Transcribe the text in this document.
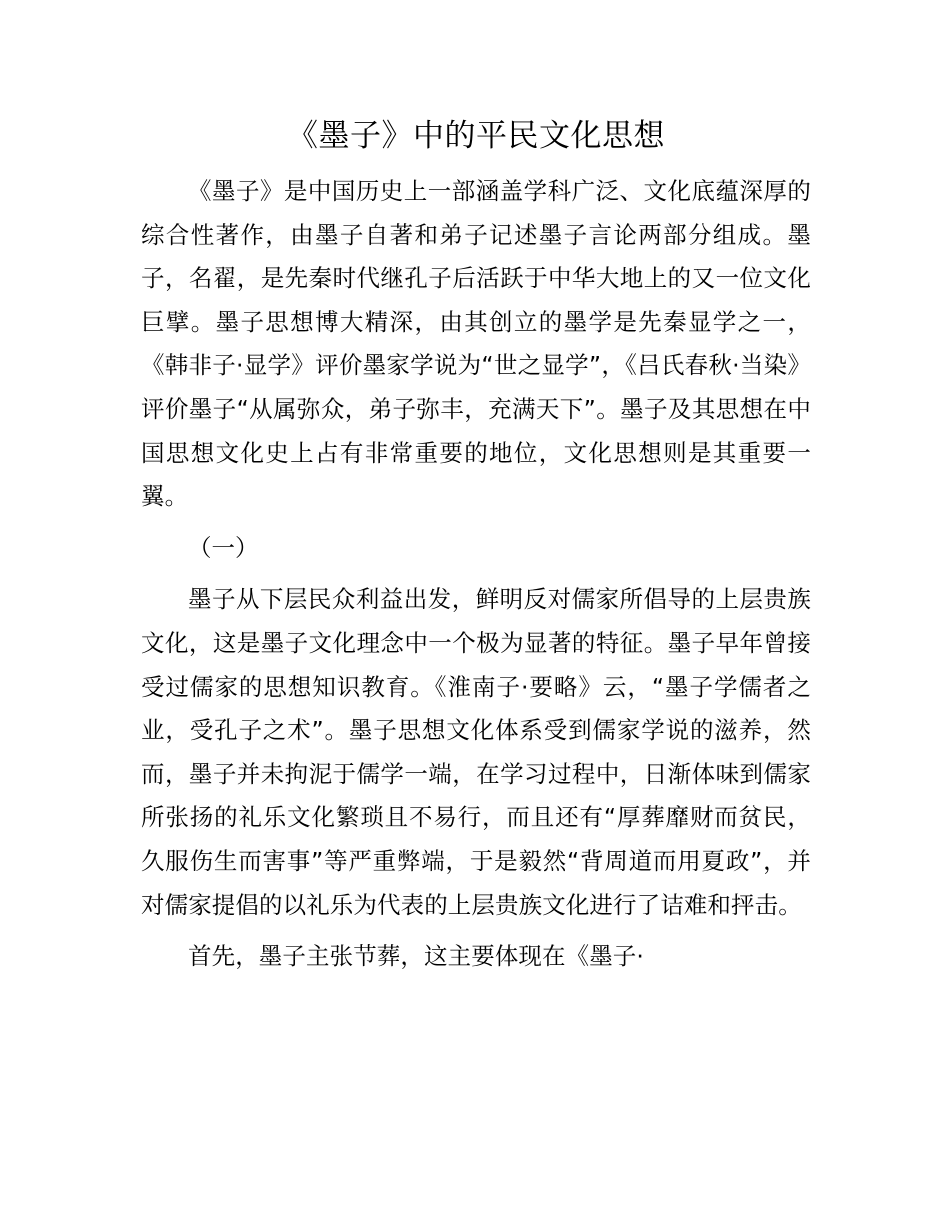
《墨子》中的平民文化思想

《墨子》是中国历史上一部涵盖学科广泛、文化底蕴深厚的综合性著作，由墨子自著和弟子记述墨子言论两部分组成。墨子，名翟，是先秦时代继孔子后活跃于中华大地上的又一位文化巨擘。墨子思想博大精深，由其创立的墨学是先秦显学之一，《韩非子·显学》评价墨家学说为“世之显学”，《吕氏春秋·当染》评价墨子“从属弥众，弟子弥丰，充满天下”。墨子及其思想在中国思想文化史上占有非常重要的地位，文化思想则是其重要一翼。

（一）

墨子从下层民众利益出发，鲜明反对儒家所倡导的上层贵族文化，这是墨子文化理念中一个极为显著的特征。墨子早年曾接受过儒家的思想知识教育。《淮南子·要略》云，“墨子学儒者之业，受孔子之术”。墨子思想文化体系受到儒家学说的滋养，然而，墨子并未拘泥于儒学一端，在学习过程中，日渐体味到儒家所张扬的礼乐文化繁琐且不易行，而且还有“厚葬靡财而贫民，久服伤生而害事”等严重弊端，于是毅然“背周道而用夏政”，并对儒家提倡的以礼乐为代表的上层贵族文化进行了诘难和抨击。

首先，墨子主张节葬，这主要体现在《墨子·
